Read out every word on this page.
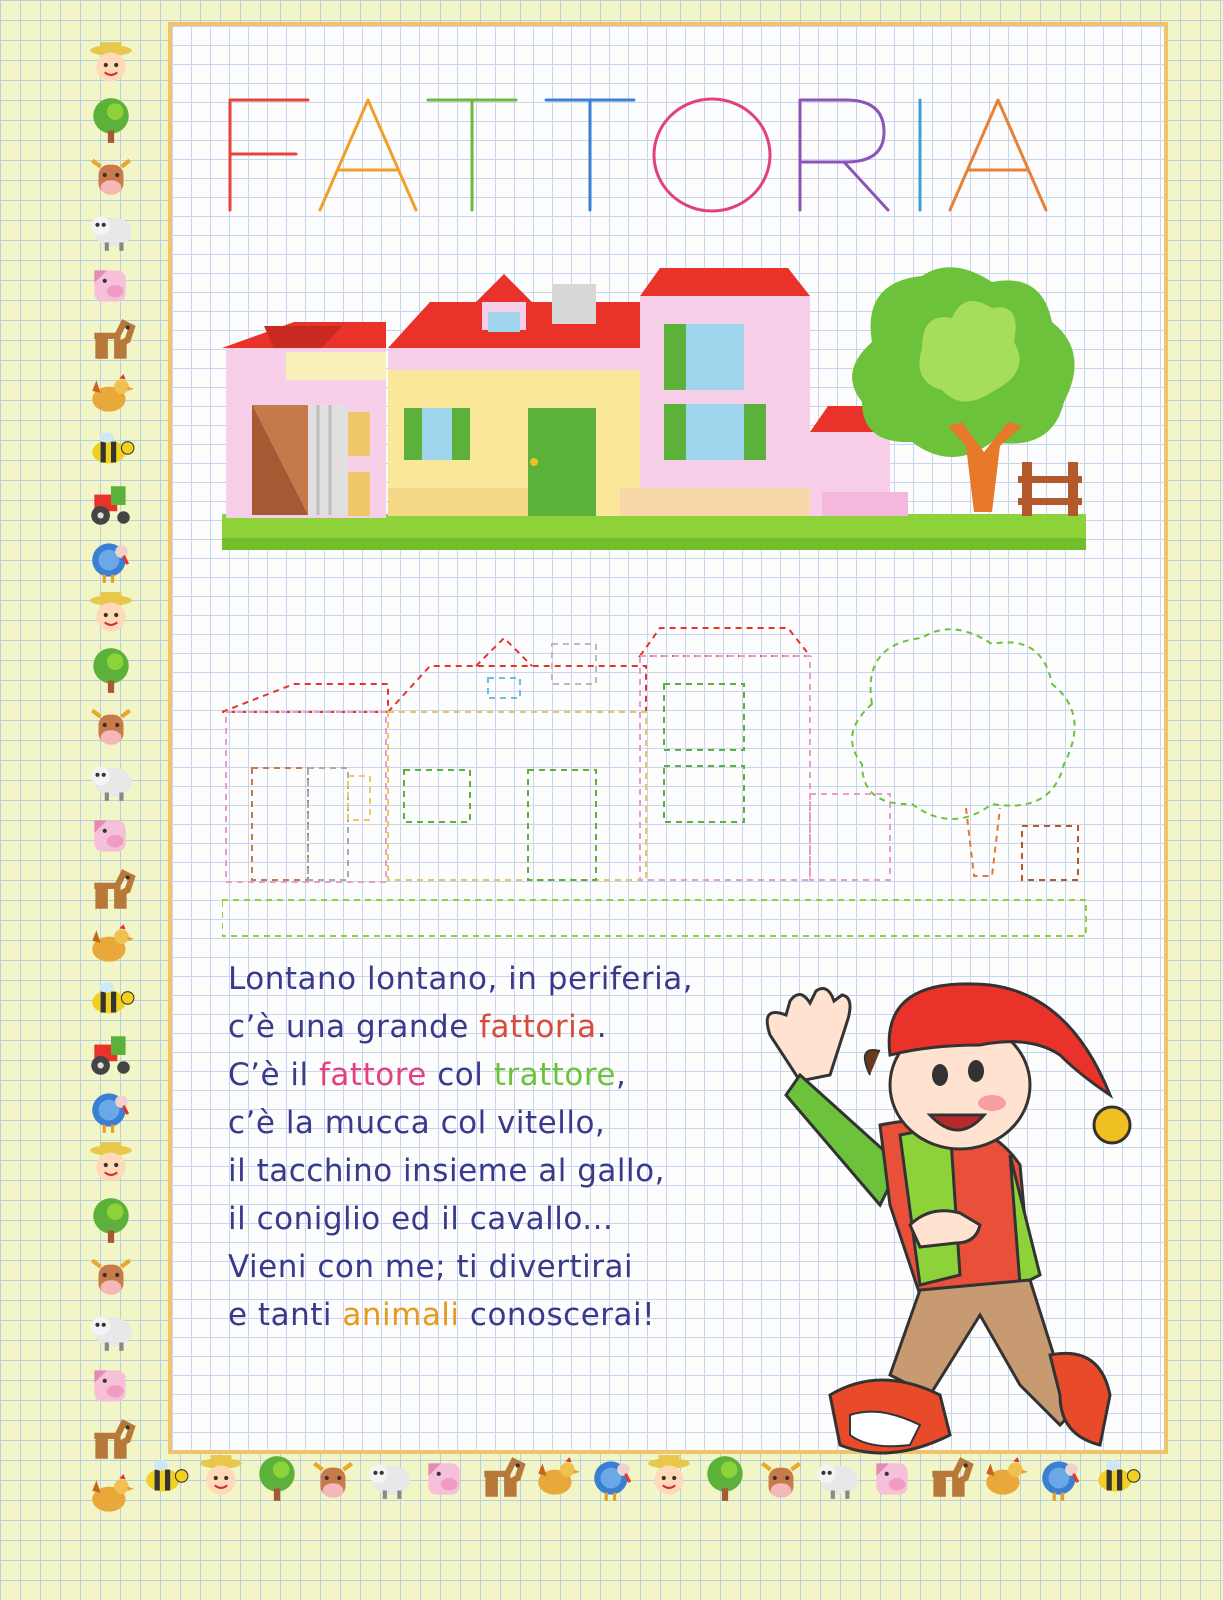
Lontano lontano, in periferia,
c’è una grande fattoria.
C’è il fattore col trattore,
c’è la mucca col vitello,
il tacchino insieme al gallo,
il coniglio ed il cavallo...
Vieni con me; ti divertirai
e tanti animali conoscerai!
